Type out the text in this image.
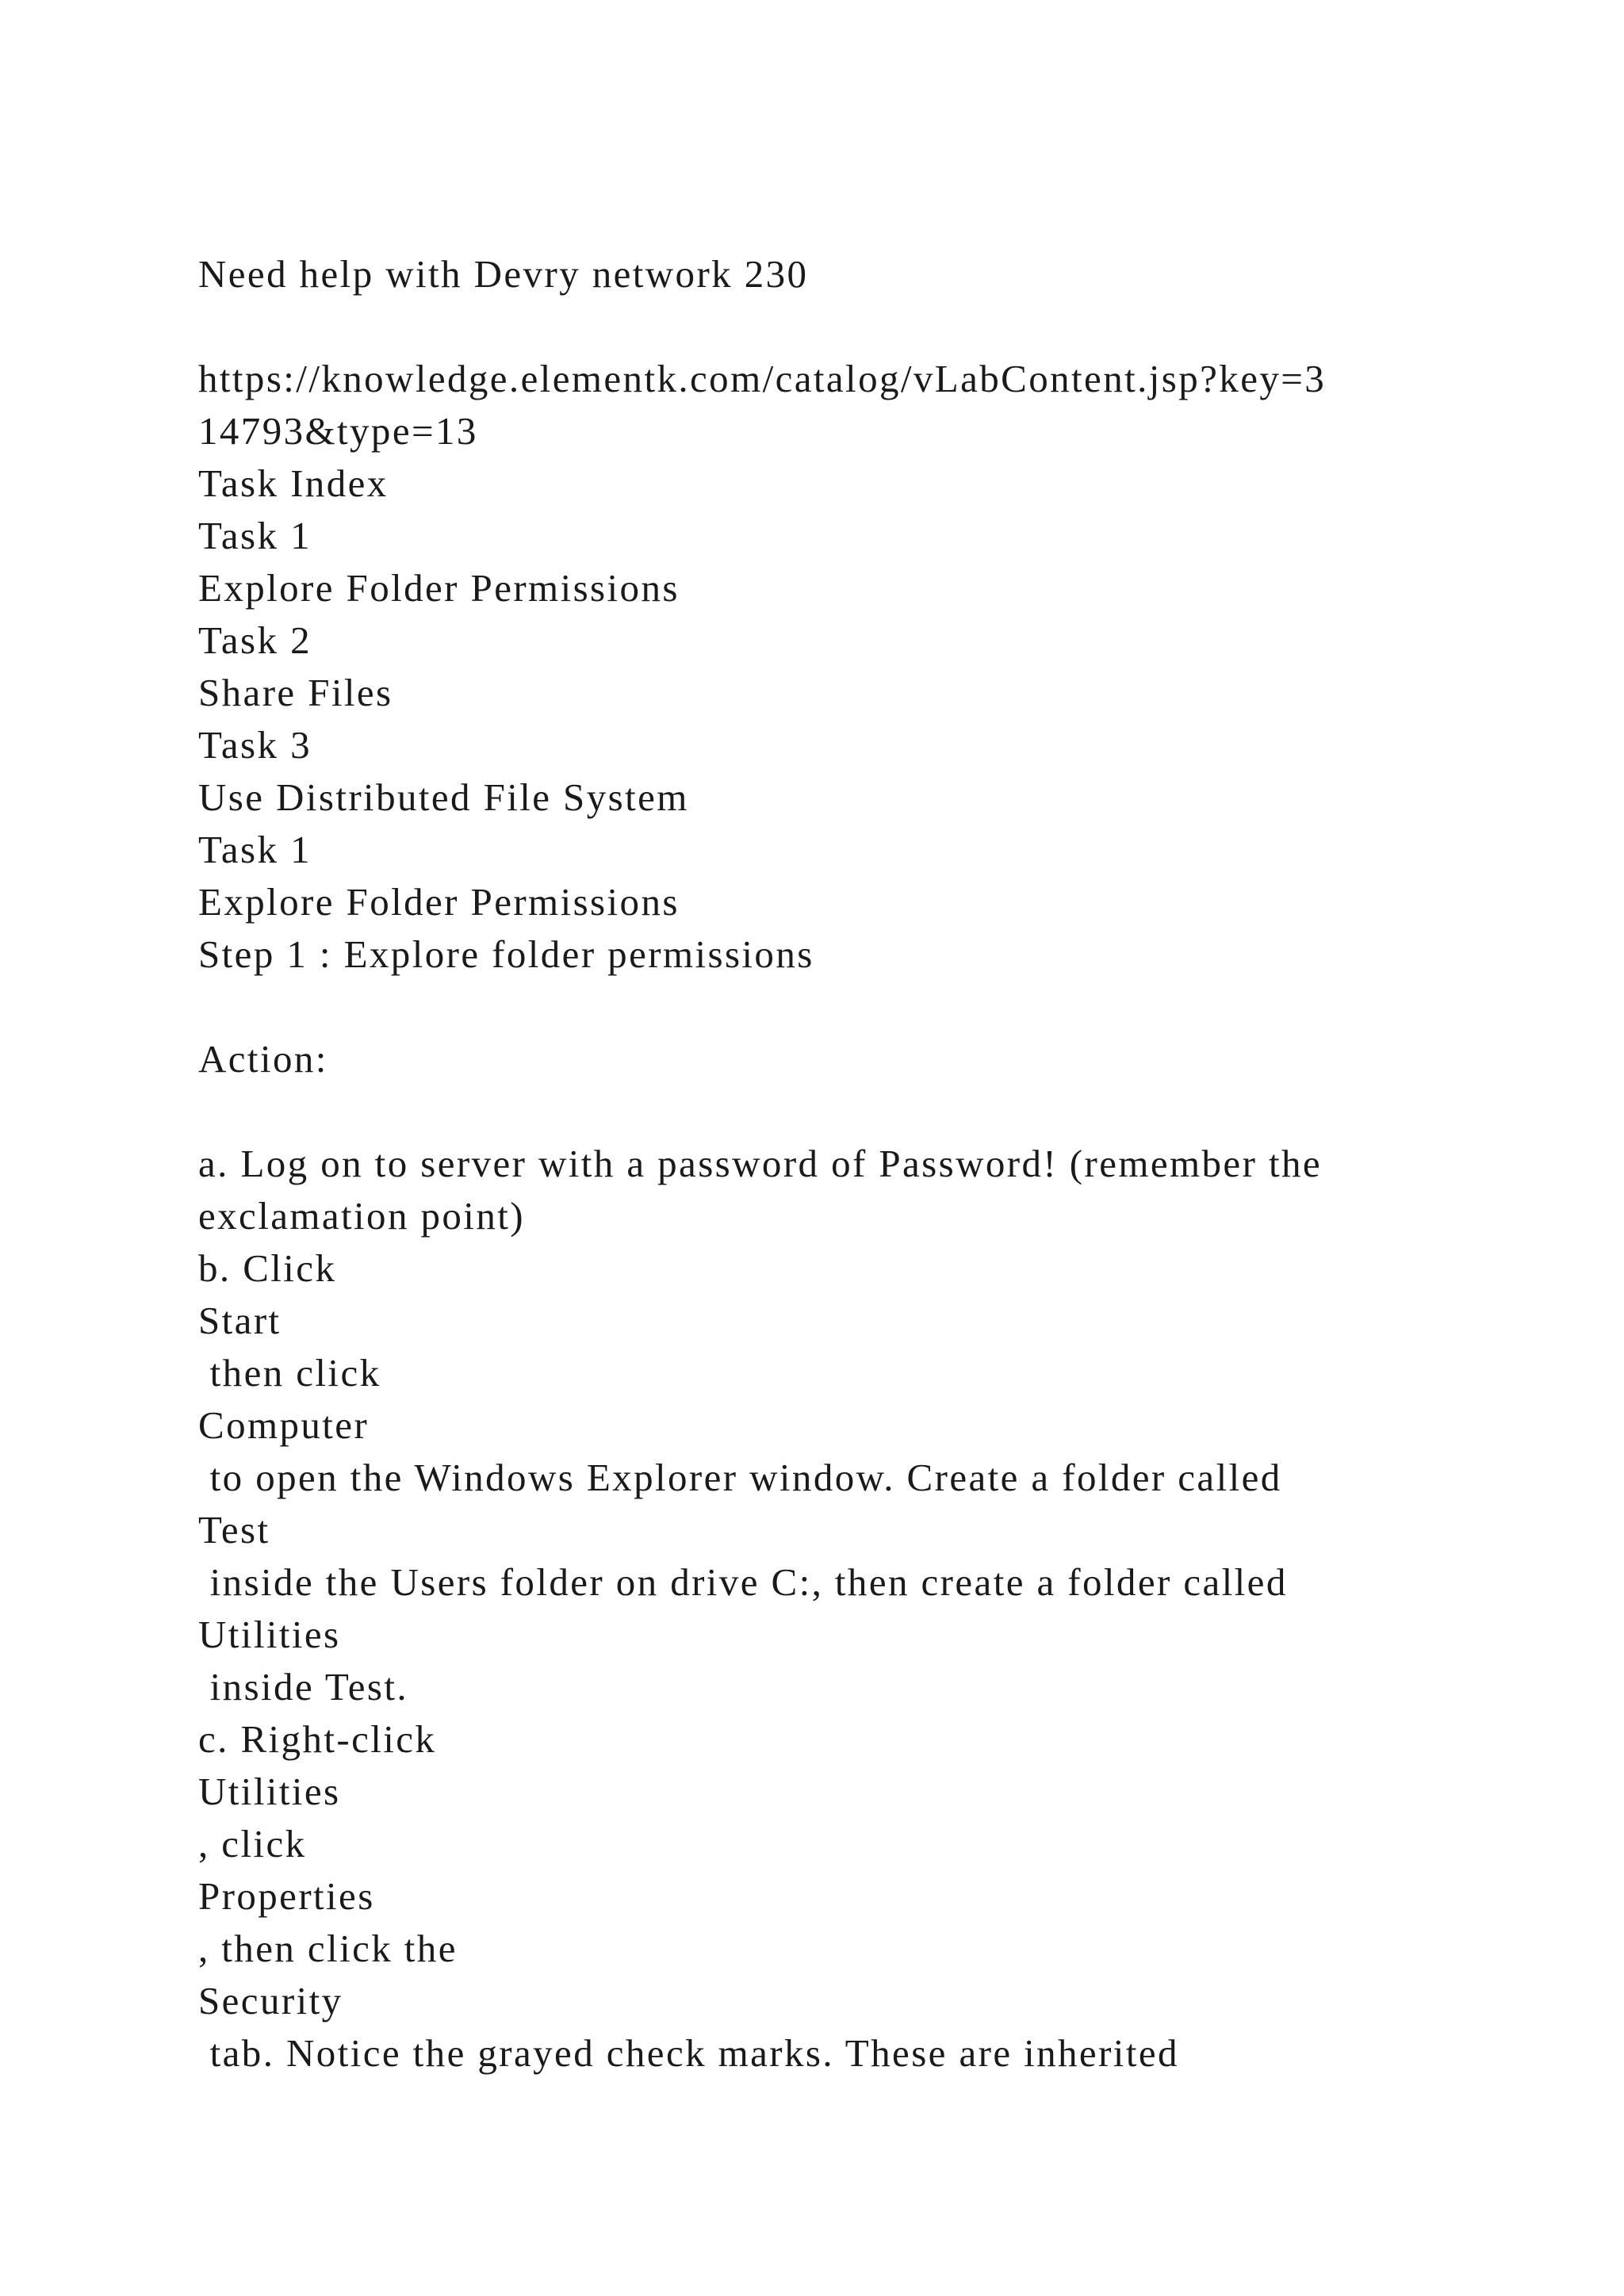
Need help with Devry network 230
https://knowledge.elementk.com/catalog/vLabContent.jsp?key=3
14793&type=13
Task Index
Task 1
Explore Folder Permissions
Task 2
Share Files
Task 3
Use Distributed File System
Task 1
Explore Folder Permissions
Step 1 : Explore folder permissions
Action:
a. Log on to server with a password of Password! (remember the
exclamation point)
b. Click
Start
then click
Computer
to open the Windows Explorer window. Create a folder called
Test
inside the Users folder on drive C:, then create a folder called
Utilities
inside Test.
c. Right-click
Utilities
, click
Properties
, then click the
Security
tab. Notice the grayed check marks. These are inherited
